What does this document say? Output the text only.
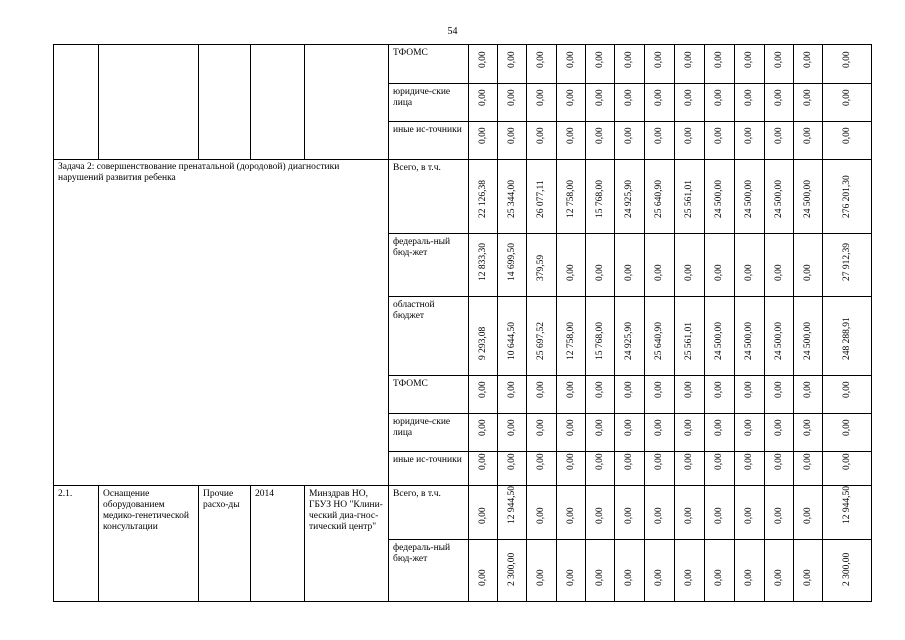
54
					ТФОМС	0,00	0,00	0,00	0,00	0,00	0,00	0,00	0,00	0,00	0,00	0,00	0,00	0,00

					юридиче-ские лица	0,00	0,00	0,00	0,00	0,00	0,00	0,00	0,00	0,00	0,00	0,00	0,00	0,00

					иные ис-точники	0,00	0,00	0,00	0,00	0,00	0,00	0,00	0,00	0,00	0,00	0,00	0,00	0,00

Задача 2: совершенствование пренатальной (дородовой) диагностики нарушений развития ребенка					Всего, в т.ч.	22 126,38	25 344,00	26 077,11	12 758,00	15 768,00	24 925,90	25 640,90	25 561,01	24 500,00	24 500,00	24 500,00	24 500,00	276 201,30

					федераль-ный бюд-жет	12 833,30	14 699,50	379,59	0,00	0,00	0,00	0,00	0,00	0,00	0,00	0,00	0,00	27 912,39

					областной бюджет	9 293,08	10 644,50	25 697,52	12 758,00	15 768,00	24 925,90	25 640,90	25 561,01	24 500,00	24 500,00	24 500,00	24 500,00	248 288,91

					ТФОМС	0,00	0,00	0,00	0,00	0,00	0,00	0,00	0,00	0,00	0,00	0,00	0,00	0,00

					юридиче-ские лица	0,00	0,00	0,00	0,00	0,00	0,00	0,00	0,00	0,00	0,00	0,00	0,00	0,00

					иные ис-точники	0,00	0,00	0,00	0,00	0,00	0,00	0,00	0,00	0,00	0,00	0,00	0,00	0,00

2.1.	Оснащение оборудованием медико-генетической консультации	Прочие расхо-ды	2014	Минздрав НО, ГБУЗ НО "Клини-ческий диа-гнос-тический центр"	Всего, в т.ч.	0,00	12 944,50	0,00	0,00	0,00	0,00	0,00	0,00	0,00	0,00	0,00	0,00	12 944,50

					федераль-ный бюд-жет	0,00	2 300,00	0,00	0,00	0,00	0,00	0,00	0,00	0,00	0,00	0,00	0,00	2 300,00
